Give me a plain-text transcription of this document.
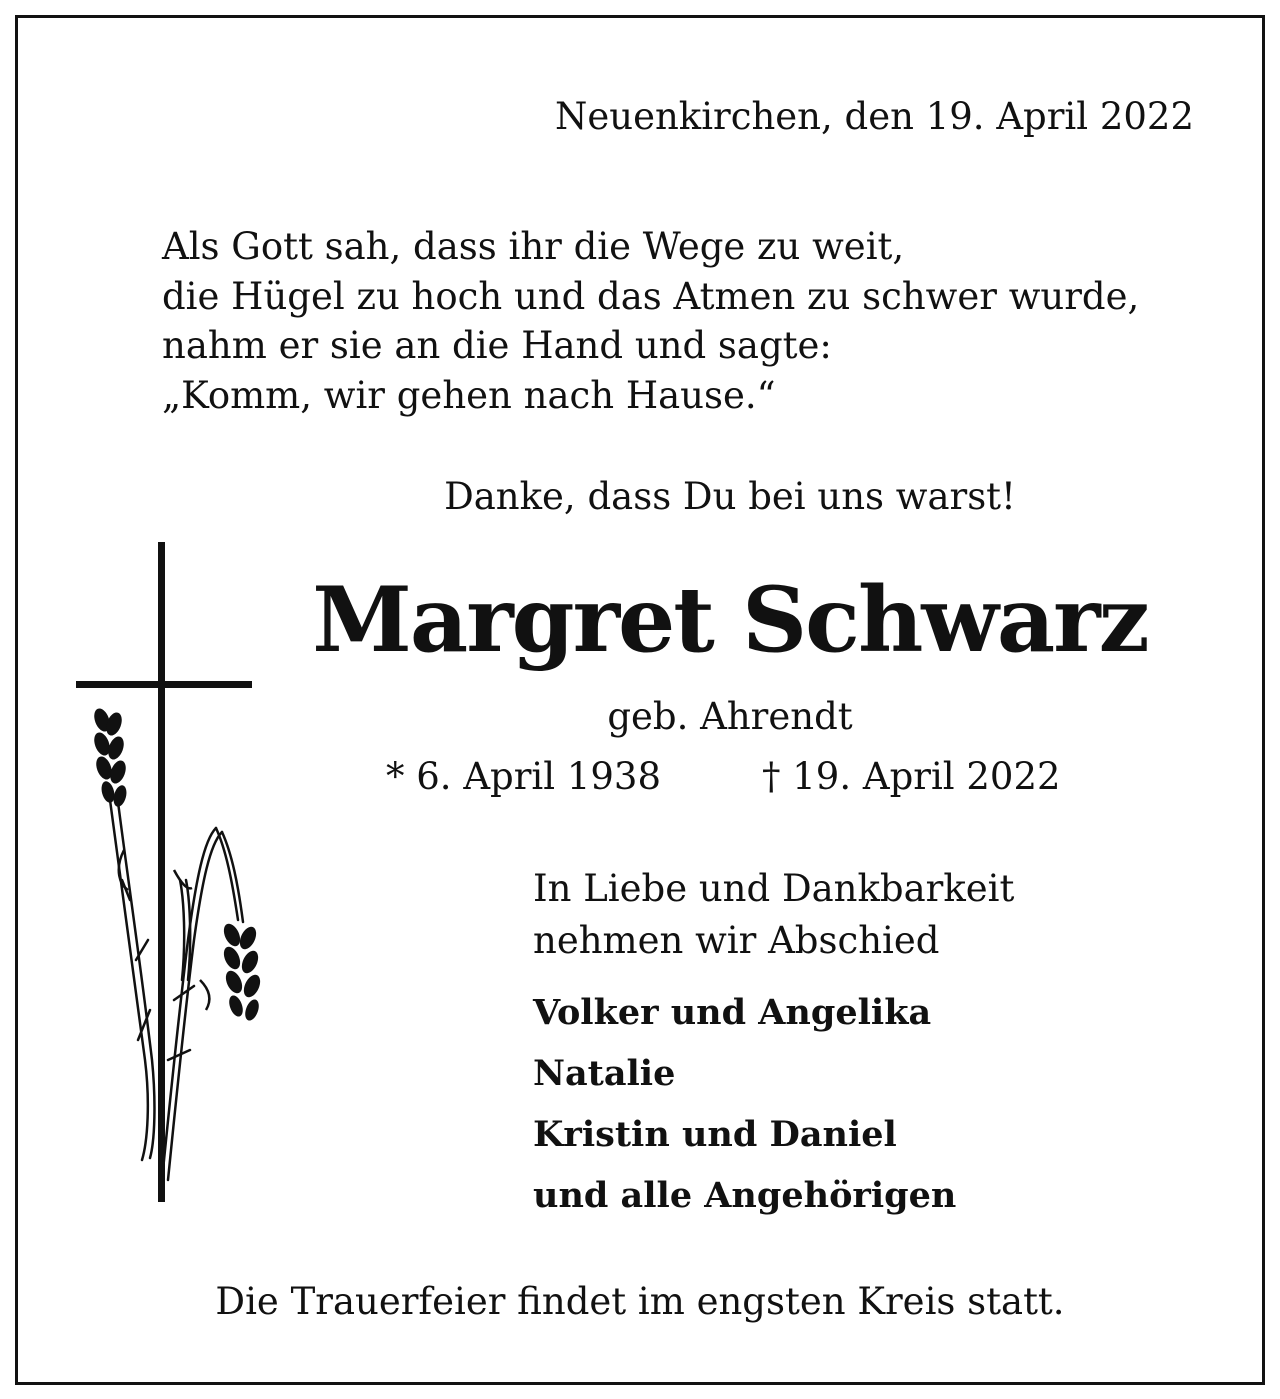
Neuenkirchen, den 19. April 2022

Als Gott sah, dass ihr die Wege zu weit,
die Hügel zu hoch und das Atmen zu schwer wurde,
nahm er sie an die Hand und sagte:
„Komm, wir gehen nach Hause.“

Danke, dass Du bei uns warst!

Margret Schwarz

geb. Ahrendt

* 6. April 1938	† 19. April 2022

In Liebe und Dankbarkeit
nehmen wir Abschied
Volker und Angelika
Natalie
Kristin und Daniel
und alle Angehörigen

Die Trauerfeier findet im engsten Kreis statt.
